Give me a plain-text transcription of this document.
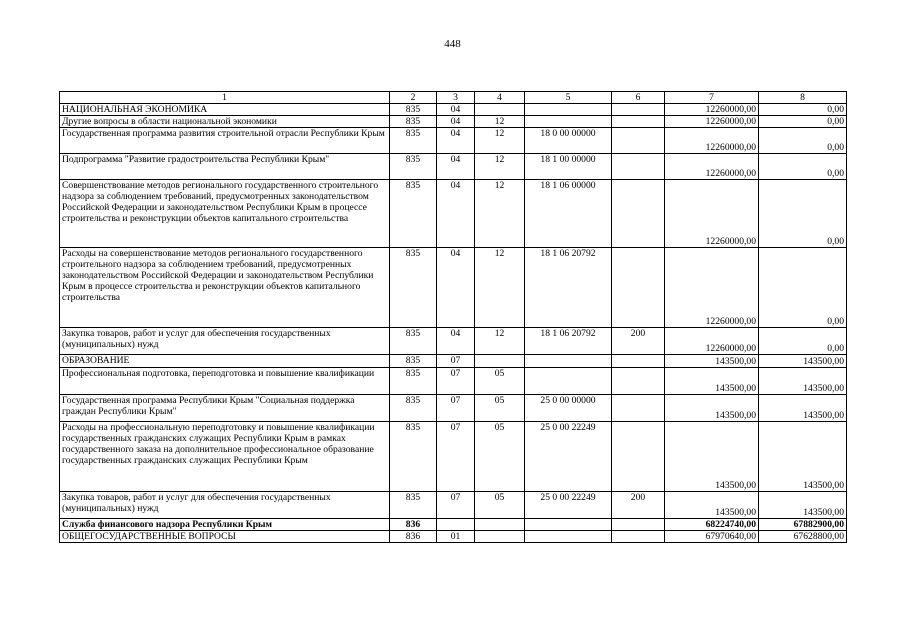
448
1	2	3	4	5	6	7	8
НАЦИОНАЛЬНАЯ ЭКОНОМИКА	835	04				12260000,00	0,00
Другие вопросы в области национальной экономики	835	04	12			12260000,00	0,00
Государственная программа развития строительной отрасли Республики Крым	835	04	12	18 0 00 00000		12260000,00	0,00
Подпрограмма "Развитие градостроительства Республики Крым"	835	04	12	18 1 00 00000		12260000,00	0,00
Совершенствование методов регионального государственного строительного надзора за соблюдением требований, предусмотренных законодательством Российской Федерации и законодательством Республики Крым в процессе строительства и реконструкции объектов капитального строительства	835	04	12	18 1 06 00000		12260000,00	0,00
Расходы на совершенствование методов регионального государственного строительного надзора за соблюдением требований, предусмотренных законодательством Российской Федерации и законодательством Республики Крым в процессе строительства и реконструкции объектов капитального строительства	835	04	12	18 1 06 20792		12260000,00	0,00
Закупка товаров, работ и услуг для обеспечения государственных (муниципальных) нужд	835	04	12	18 1 06 20792	200	12260000,00	0,00
ОБРАЗОВАНИЕ	835	07				143500,00	143500,00
Профессиональная подготовка, переподготовка и повышение квалификации	835	07	05			143500,00	143500,00
Государственная программа Республики Крым "Социальная поддержка граждан Республики Крым"	835	07	05	25 0 00 00000		143500,00	143500,00
Расходы на профессиональную переподготовку и повышение квалификации государственных гражданских служащих Республики Крым в рамках государственного заказа на дополнительное профессиональное образование государственных гражданских служащих Республики Крым	835	07	05	25 0 00 22249		143500,00	143500,00
Закупка товаров, работ и услуг для обеспечения государственных (муниципальных) нужд	835	07	05	25 0 00 22249	200	143500,00	143500,00
Служба финансового надзора Республики Крым	836					68224740,00	67882900,00
ОБЩЕГОСУДАРСТВЕННЫЕ ВОПРОСЫ	836	01				67970640,00	67628800,00
